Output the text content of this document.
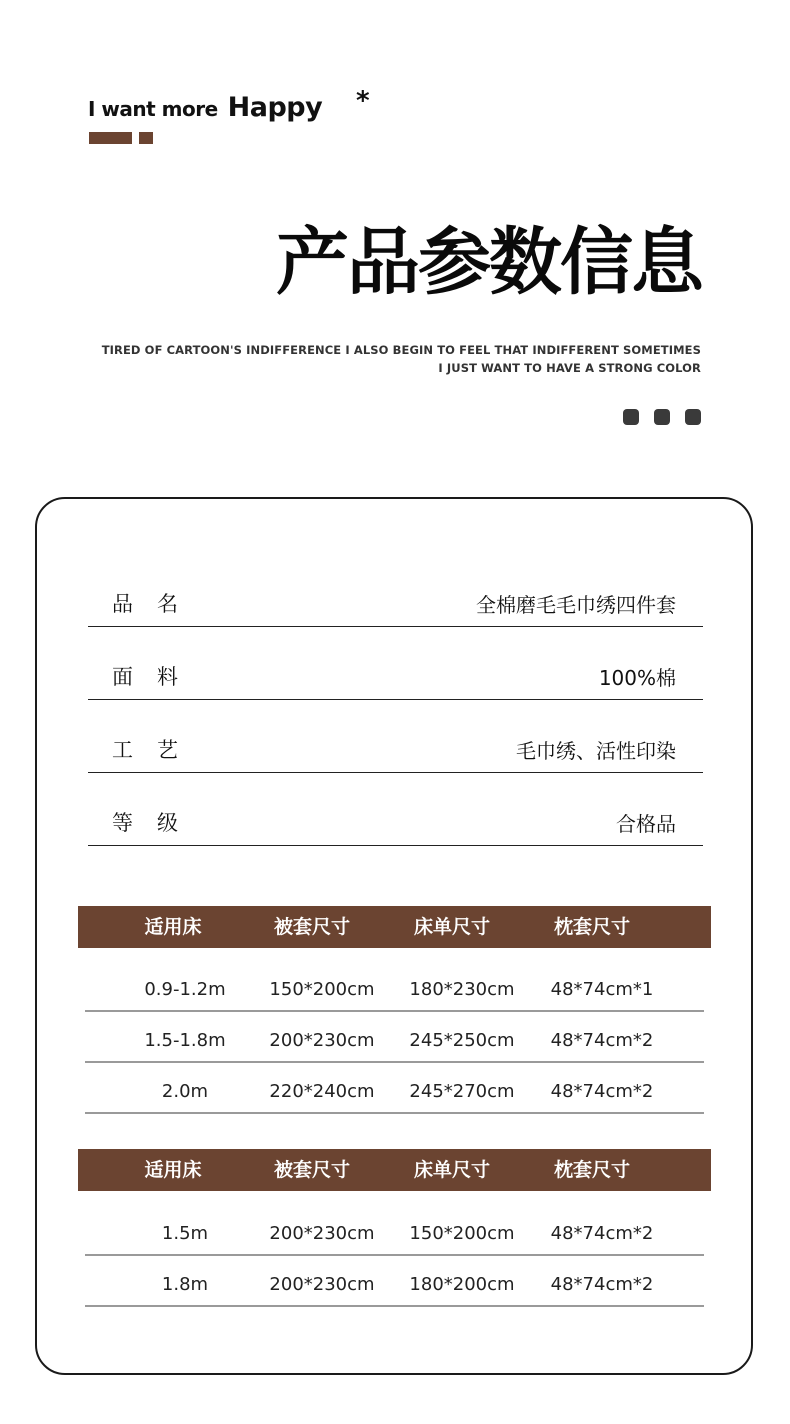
I want more Happy *
产品参数信息
TIRED OF CARTOON'S INDIFFERENCE I ALSO BEGIN TO FEEL THAT INDIFFERENT SOMETIMES
I JUST WANT TO HAVE A STRONG COLOR
品名	全棉磨毛毛巾绣四件套
面料	100%棉
工艺	毛巾绣、活性印染
等级	合格品
适用床	被套尺寸	床单尺寸	枕套尺寸
0.9-1.2m	150*200cm	180*230cm	48*74cm*1
1.5-1.8m	200*230cm	245*250cm	48*74cm*2
2.0m	220*240cm	245*270cm	48*74cm*2
适用床	被套尺寸	床单尺寸	枕套尺寸
1.5m	200*230cm	150*200cm	48*74cm*2
1.8m	200*230cm	180*200cm	48*74cm*2
